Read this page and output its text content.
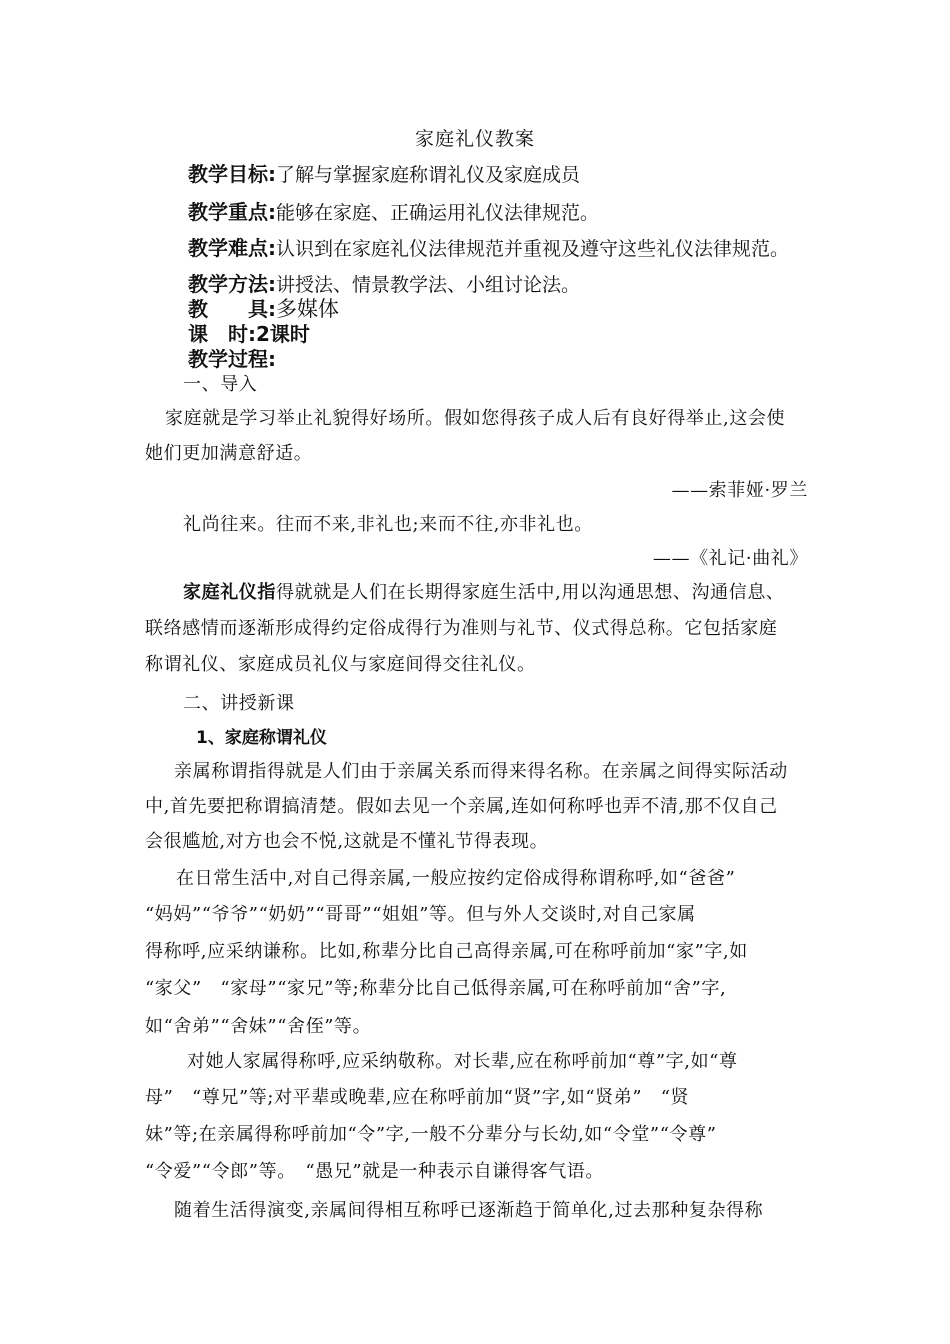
家庭礼仪教案
教学目标:了解与掌握家庭称谓礼仪及家庭成员
教学重点:能够在家庭、正确运用礼仪法律规范。
教学难点:认识到在家庭礼仪法律规范并重视及遵守这些礼仪法律规范。
教学方法:讲授法、情景教学法、小组讨论法。
教　　具:多媒体
课　时:2课时
教学过程:
一、导入
家庭就是学习举止礼貌得好场所。假如您得孩子成人后有良好得举止,这会使
她们更加满意舒适。
——索菲娅·罗兰
礼尚往来。往而不来,非礼也;来而不往,亦非礼也。
——《礼记·曲礼》
家庭礼仪指得就就是人们在长期得家庭生活中,用以沟通思想、沟通信息、
联络感情而逐渐形成得约定俗成得行为准则与礼节、仪式得总称。它包括家庭
称谓礼仪、家庭成员礼仪与家庭间得交往礼仪。
二、讲授新课
1、家庭称谓礼仪
亲属称谓指得就是人们由于亲属关系而得来得名称。在亲属之间得实际活动
中,首先要把称谓搞清楚。假如去见一个亲属,连如何称呼也弄不清,那不仅自己
会很尴尬,对方也会不悦,这就是不懂礼节得表现。
在日常生活中,对自己得亲属,一般应按约定俗成得称谓称呼,如“爸爸”
“妈妈”“爷爷”“奶奶”“哥哥”“姐姐”等。但与外人交谈时,对自己家属
得称呼,应采纳谦称。比如,称辈分比自己高得亲属,可在称呼前加“家”字,如
“家父”　“家母”“家兄”等;称辈分比自己低得亲属,可在称呼前加“舍”字,
如“舍弟”“舍妹”“舍侄”等。
对她人家属得称呼,应采纳敬称。对长辈,应在称呼前加“尊”字,如“尊
母”　“尊兄”等;对平辈或晚辈,应在称呼前加“贤”字,如“贤弟”　“贤
妹”等;在亲属得称呼前加“令”字,一般不分辈分与长幼,如“令堂”“令尊”
“令爱”“令郎”等。　“愚兄”就是一种表示自谦得客气语。
随着生活得演变,亲属间得相互称呼已逐渐趋于简单化,过去那种复杂得称
